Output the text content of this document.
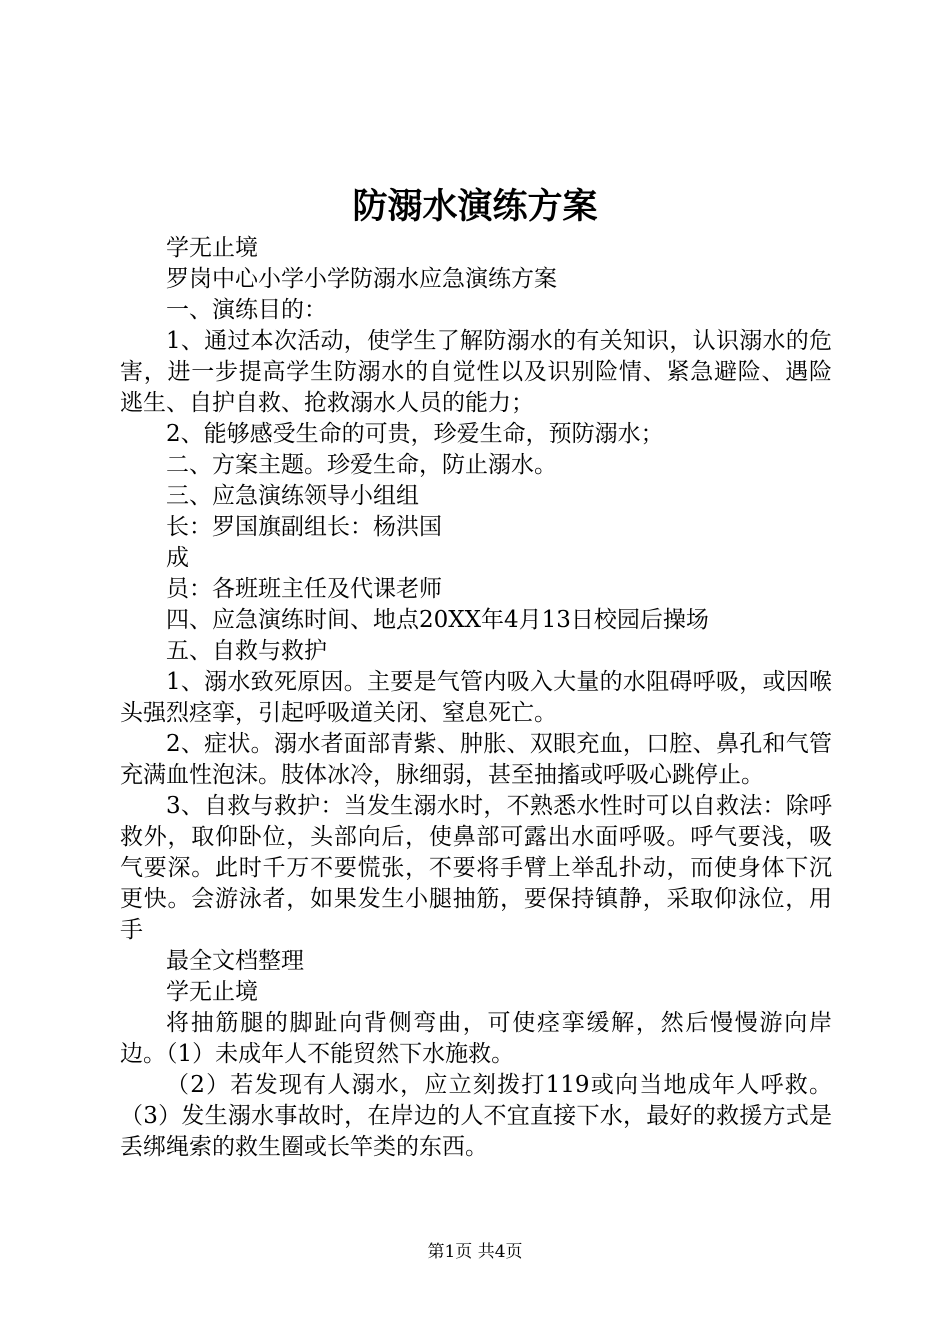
防溺水演练方案

学无止境

罗岗中心小学小学防溺水应急演练方案

一、演练目的：

1、通过本次活动，使学生了解防溺水的有关知识，认识溺水的危害，进一步提高学生防溺水的自觉性以及识别险情、紧急避险、遇险逃生、自护自救、抢救溺水人员的能力；

2、能够感受生命的可贵，珍爱生命，预防溺水；

二、方案主题。珍爱生命，防止溺水。

三、应急演练领导小组组

长：罗国旗副组长：杨洪国

成

员：各班班主任及代课老师

四、应急演练时间、地点20XX年4月13日校园后操场

五、自救与救护

1、溺水致死原因。主要是气管内吸入大量的水阻碍呼吸，或因喉头强烈痉挛，引起呼吸道关闭、窒息死亡。

2、症状。溺水者面部青紫、肿胀、双眼充血，口腔、鼻孔和气管充满血性泡沫。肢体冰冷，脉细弱，甚至抽搐或呼吸心跳停止。

3、自救与救护：当发生溺水时，不熟悉水性时可以自救法：除呼救外，取仰卧位，头部向后，使鼻部可露出水面呼吸。呼气要浅，吸气要深。此时千万不要慌张，不要将手臂上举乱扑动，而使身体下沉更快。会游泳者，如果发生小腿抽筋，要保持镇静，采取仰泳位，用手

最全文档整理

学无止境

将抽筋腿的脚趾向背侧弯曲，可使痉挛缓解，然后慢慢游向岸边。（1）未成年人不能贸然下水施救。

（2）若发现有人溺水，应立刻拨打119或向当地成年人呼救。（3）发生溺水事故时，在岸边的人不宜直接下水，最好的救援方式是丢绑绳索的救生圈或长竿类的东西。

第1页 共4页
